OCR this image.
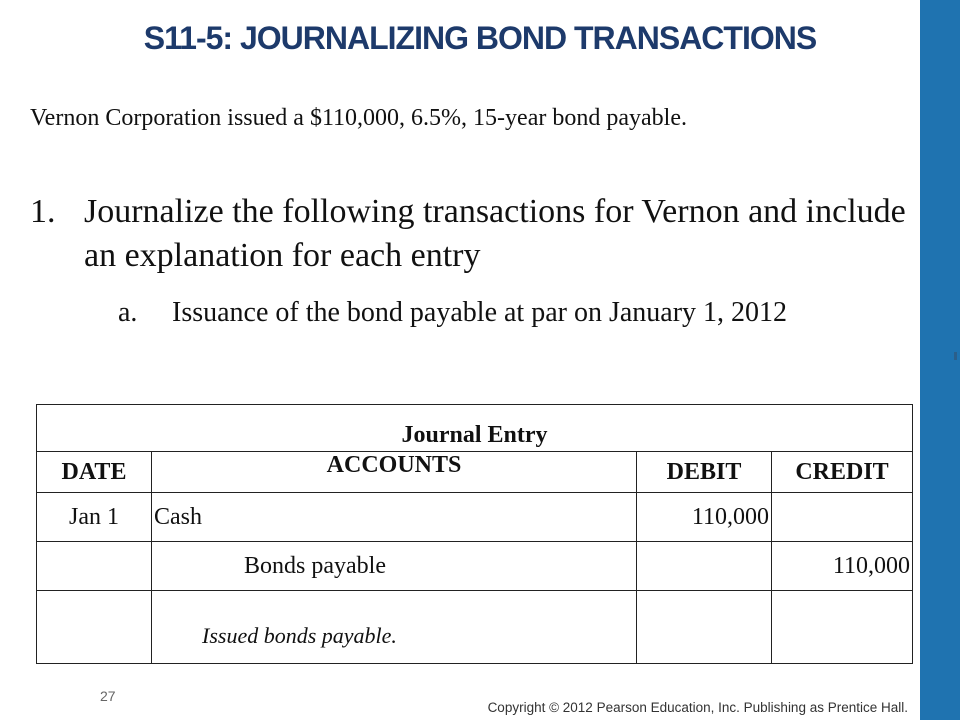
S11-5: JOURNALIZING BOND TRANSACTIONS
Vernon Corporation issued a $110,000, 6.5%, 15-year bond payable.
1. Journalize the following transactions for Vernon and include an explanation for each entry
a. Issuance of the bond payable at par on January 1, 2012
Journal Entry			
DATE	ACCOUNTS	DEBIT	CREDIT
Jan 1	Cash	110,000	
	Bonds payable		110,000
	Issued bonds payable.		
27
Copyright © 2012 Pearson Education, Inc. Publishing as Prentice Hall.
